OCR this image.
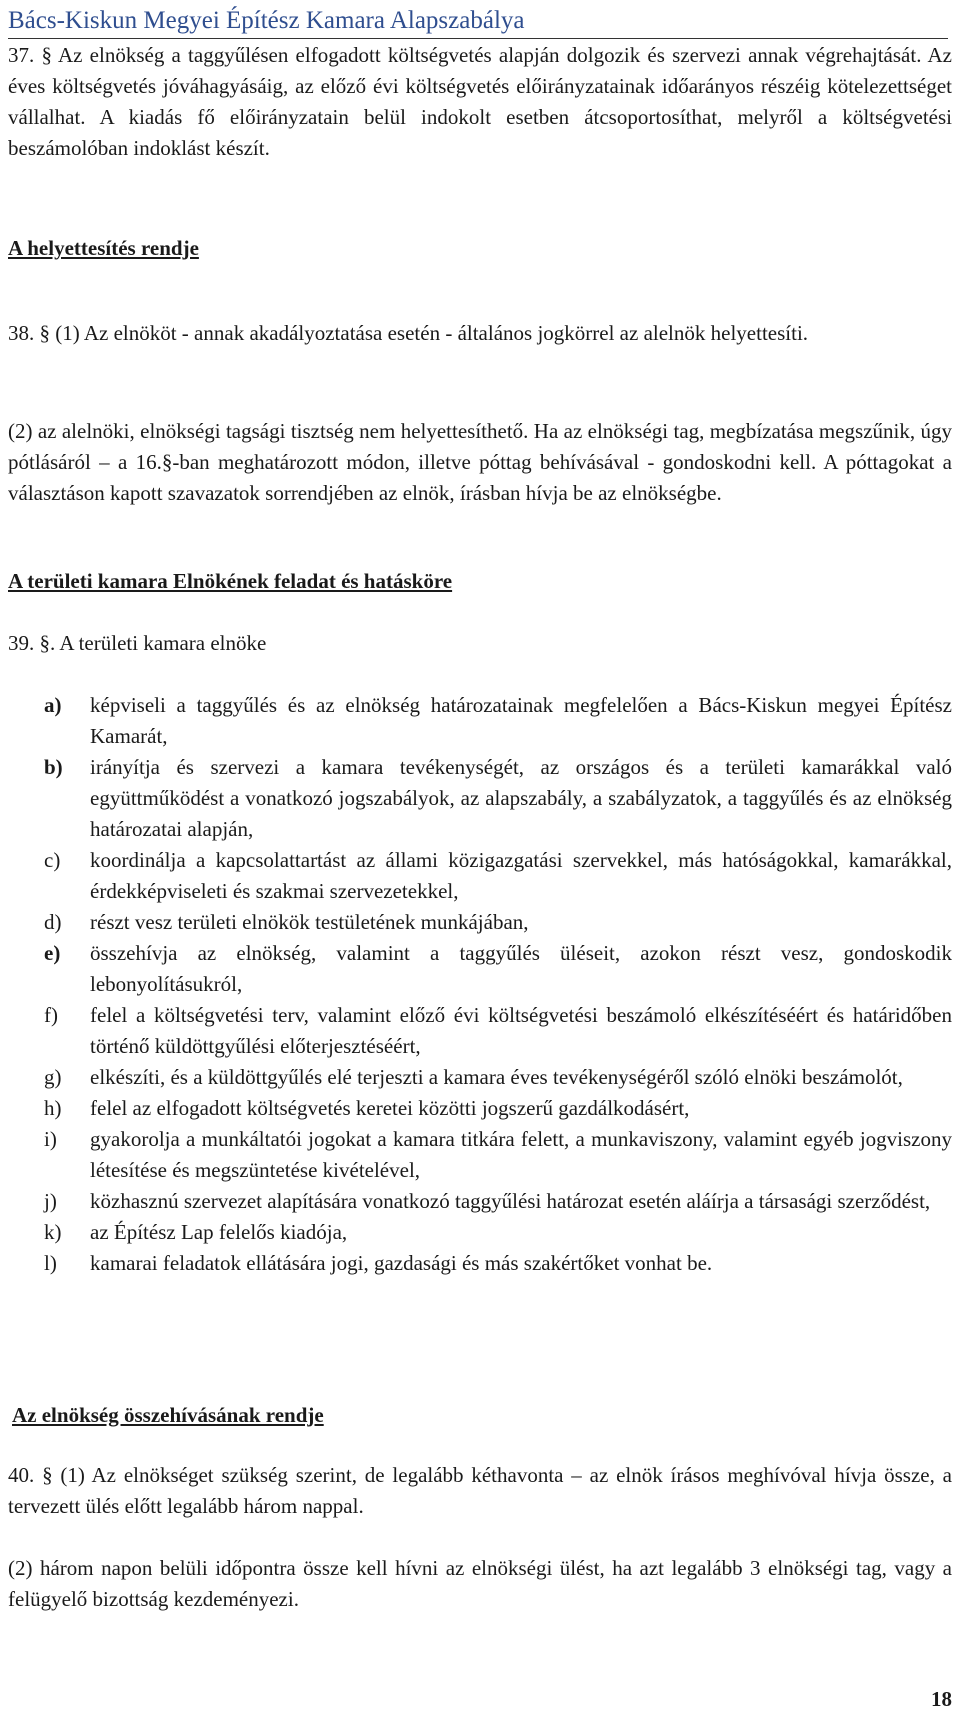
Bács-Kiskun Megyei Építész Kamara Alapszabálya
37. § Az elnökség a taggyűlésen elfogadott költségvetés alapján dolgozik és szervezi annak végrehajtását. Az éves költségvetés jóváhagyásáig, az előző évi költségvetés előirányzatainak időarányos részéig kötelezettséget vállalhat. A kiadás fő előirányzatain belül indokolt esetben átcsoportosíthat, melyről a költségvetési beszámolóban indoklást készít.
A helyettesítés rendje
38. § (1) Az elnököt - annak akadályoztatása esetén - általános jogkörrel az alelnök helyettesíti.
(2) az alelnöki, elnökségi tagsági tisztség nem helyettesíthető. Ha az elnökségi tag, megbízatása megszűnik, úgy pótlásáról – a 16.§-ban meghatározott módon, illetve póttag behívásával - gondoskodni kell. A póttagokat a választáson kapott szavazatok sorrendjében az elnök, írásban hívja be az elnökségbe.
A területi kamara Elnökének feladat és hatásköre
39. §. A területi kamara elnöke
a) képviseli a taggyűlés és az elnökség határozatainak megfelelően a Bács-Kiskun megyei Építész Kamarát,
b) irányítja és szervezi a kamara tevékenységét, az országos és a területi kamarákkal való együttműködést a vonatkozó jogszabályok, az alapszabály, a szabályzatok, a taggyűlés és az elnökség határozatai alapján,
c) koordinálja a kapcsolattartást az állami közigazgatási szervekkel, más hatóságokkal, kamarákkal, érdekképviseleti és szakmai szervezetekkel,
d) részt vesz területi elnökök testületének munkájában,
e) összehívja az elnökség, valamint a taggyűlés üléseit, azokon részt vesz, gondoskodik lebonyolításukról,
f) felel a költségvetési terv, valamint előző évi költségvetési beszámoló elkészítéséért és határidőben történő küldöttgyűlési előterjesztéséért,
g) elkészíti, és a küldöttgyűlés elé terjeszti a kamara éves tevékenységéről szóló elnöki beszámolót,
h) felel az elfogadott költségvetés keretei közötti jogszerű gazdálkodásért,
i) gyakorolja a munkáltatói jogokat a kamara titkára felett, a munkaviszony, valamint egyéb jogviszony létesítése és megszüntetése kivételével,
j) közhasznú szervezet alapítására vonatkozó taggyűlési határozat esetén aláírja a társasági szerződést,
k) az Építész Lap felelős kiadója,
l) kamarai feladatok ellátására jogi, gazdasági és más szakértőket vonhat be.
Az elnökség összehívásának rendje
40. § (1) Az elnökséget szükség szerint, de legalább kéthavonta – az elnök írásos meghívóval hívja össze, a tervezett ülés előtt legalább három nappal.
(2) három napon belüli időpontra össze kell hívni az elnökségi ülést, ha azt legalább 3 elnökségi tag, vagy a felügyelő bizottság kezdeményezi.
18
